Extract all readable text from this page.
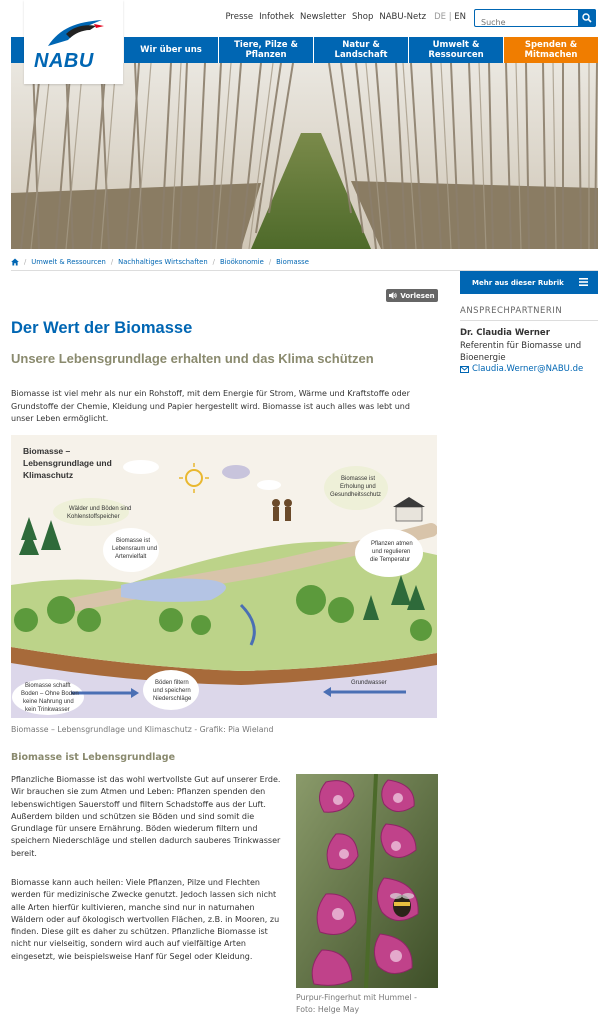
NABU
Presse Infothek Newsletter Shop NABU-Netz DE | EN
Suche
Wir über uns	Tiere, Pilze & Pflanzen
Natur & Landschaft
Umwelt & Ressourcen
Spenden & Mitmachen
/ Umwelt & Ressourcen / Nachhaltiges Wirtschaften / Bioökonomie / Biomasse
Mehr aus dieser Rubrik
ANSPRECHPARTNERIN
Dr. Claudia Werner
Referentin für Biomasse und Bioenergie
Claudia.Werner@NABU.de
Vorlesen
Der Wert der Biomasse
Unsere Lebensgrundlage erhalten und das Klima schützen

Biomasse ist viel mehr als nur ein Rohstoff, mit dem Energie für Strom, Wärme und Kraftstoffe oder Grundstoffe der Chemie, Kleidung und Papier hergestellt wird. Biomasse ist auch alles was lebt und unser Leben ermöglicht.

Biomasse –
Lebensgrundlage und
Klimaschutz
Wälder und Böden sind
Kohlenstoffspeicher
Biomasse ist
Lebensraum und
Artenvielfalt
Biomasse ist
Erholung und
Gesundheitsschutz
Pflanzen atmen
und regulieren
die Temperatur
Biomasse schafft
Boden – Ohne Boden
keine Nahrung und
kein Trinkwasser
Böden filtern
und speichern
Niederschläge
Grundwasser
Biomasse – Lebensgrundlage und Klimaschutz - Grafik: Pia Wieland
Biomasse ist Lebensgrundlage

Pflanzliche Biomasse ist das wohl wertvollste Gut auf unserer Erde. Wir brauchen sie zum Atmen und Leben: Pflanzen spenden den lebenswichtigen Sauerstoff und filtern Schadstoffe aus der Luft. Außerdem bilden und schützen sie Böden und sind somit die Grundlage für unsere Ernährung. Böden wiederum filtern und speichern Niederschläge und stellen dadurch sauberes Trinkwasser bereit.

Biomasse kann auch heilen: Viele Pflanzen, Pilze und Flechten werden für medizinische Zwecke genutzt. Jedoch lassen sich nicht alle Arten hierfür kultivieren, manche sind nur in naturnahen Wäldern oder auf ökologisch wertvollen Flächen, z.B. in Mooren, zu finden. Diese gilt es daher zu schützen. Pflanzliche Biomasse ist nicht nur vielseitig, sondern wird auch auf vielfältige Arten eingesetzt, wie beispielsweise Hanf für Segel oder Kleidung.

Purpur-Fingerhut mit Hummel - Foto: Helge May
